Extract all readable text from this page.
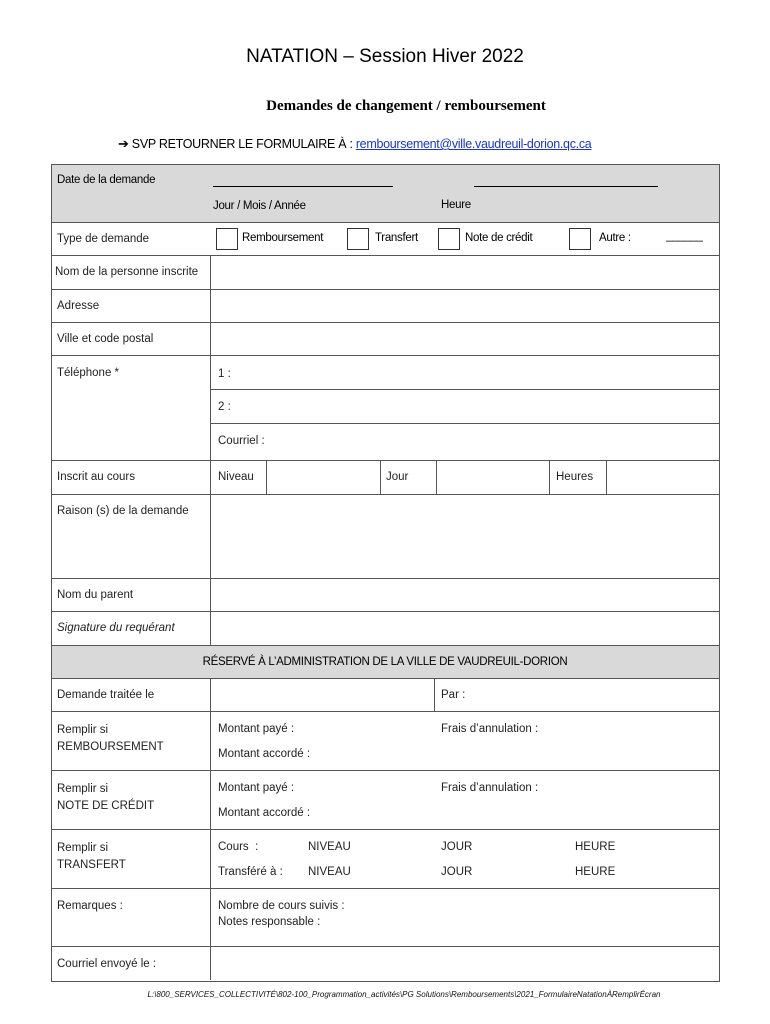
NATATION – Session Hiver 2022
Demandes de changement / remboursement
➔ SVP RETOURNER LE FORMULAIRE À : remboursement@ville.vaudreuil-dorion.qc.ca
Date de la demande
Jour / Mois / Année	Heure
Type de demande	Remboursement	Transfert	Note de crédit	Autre :	______
Nom de la personne inscrite
Adresse
Ville et code postal
Téléphone *	1 :
2 :
Courriel :
Inscrit au cours	Niveau	Jour	Heures
Raison (s) de la demande
Nom du parent
Signature du requérant
RÉSERVÉ À L’ADMINISTRATION DE LA VILLE DE VAUDREUIL-DORION
Demande traitée le	Par :
Remplir si
REMBOURSEMENT
Montant payé :	Frais d’annulation :
Montant accordé :
Remplir si
NOTE DE CRÉDIT
Montant payé :	Frais d’annulation :
Montant accordé :
Remplir si
TRANSFERT
Cours  :	NIVEAU	JOUR	HEURE
Transféré à : NIVEAU	JOUR	HEURE
Remarques :	Nombre de cours suivis :
Notes responsable :
Courriel envoyé le :
L:\800_SERVICES_COLLECTIVITÉ\802-100_Programmation_activités\PG Solutions\Remboursements\2021_FormulaireNatationÀRemplirÉcran
